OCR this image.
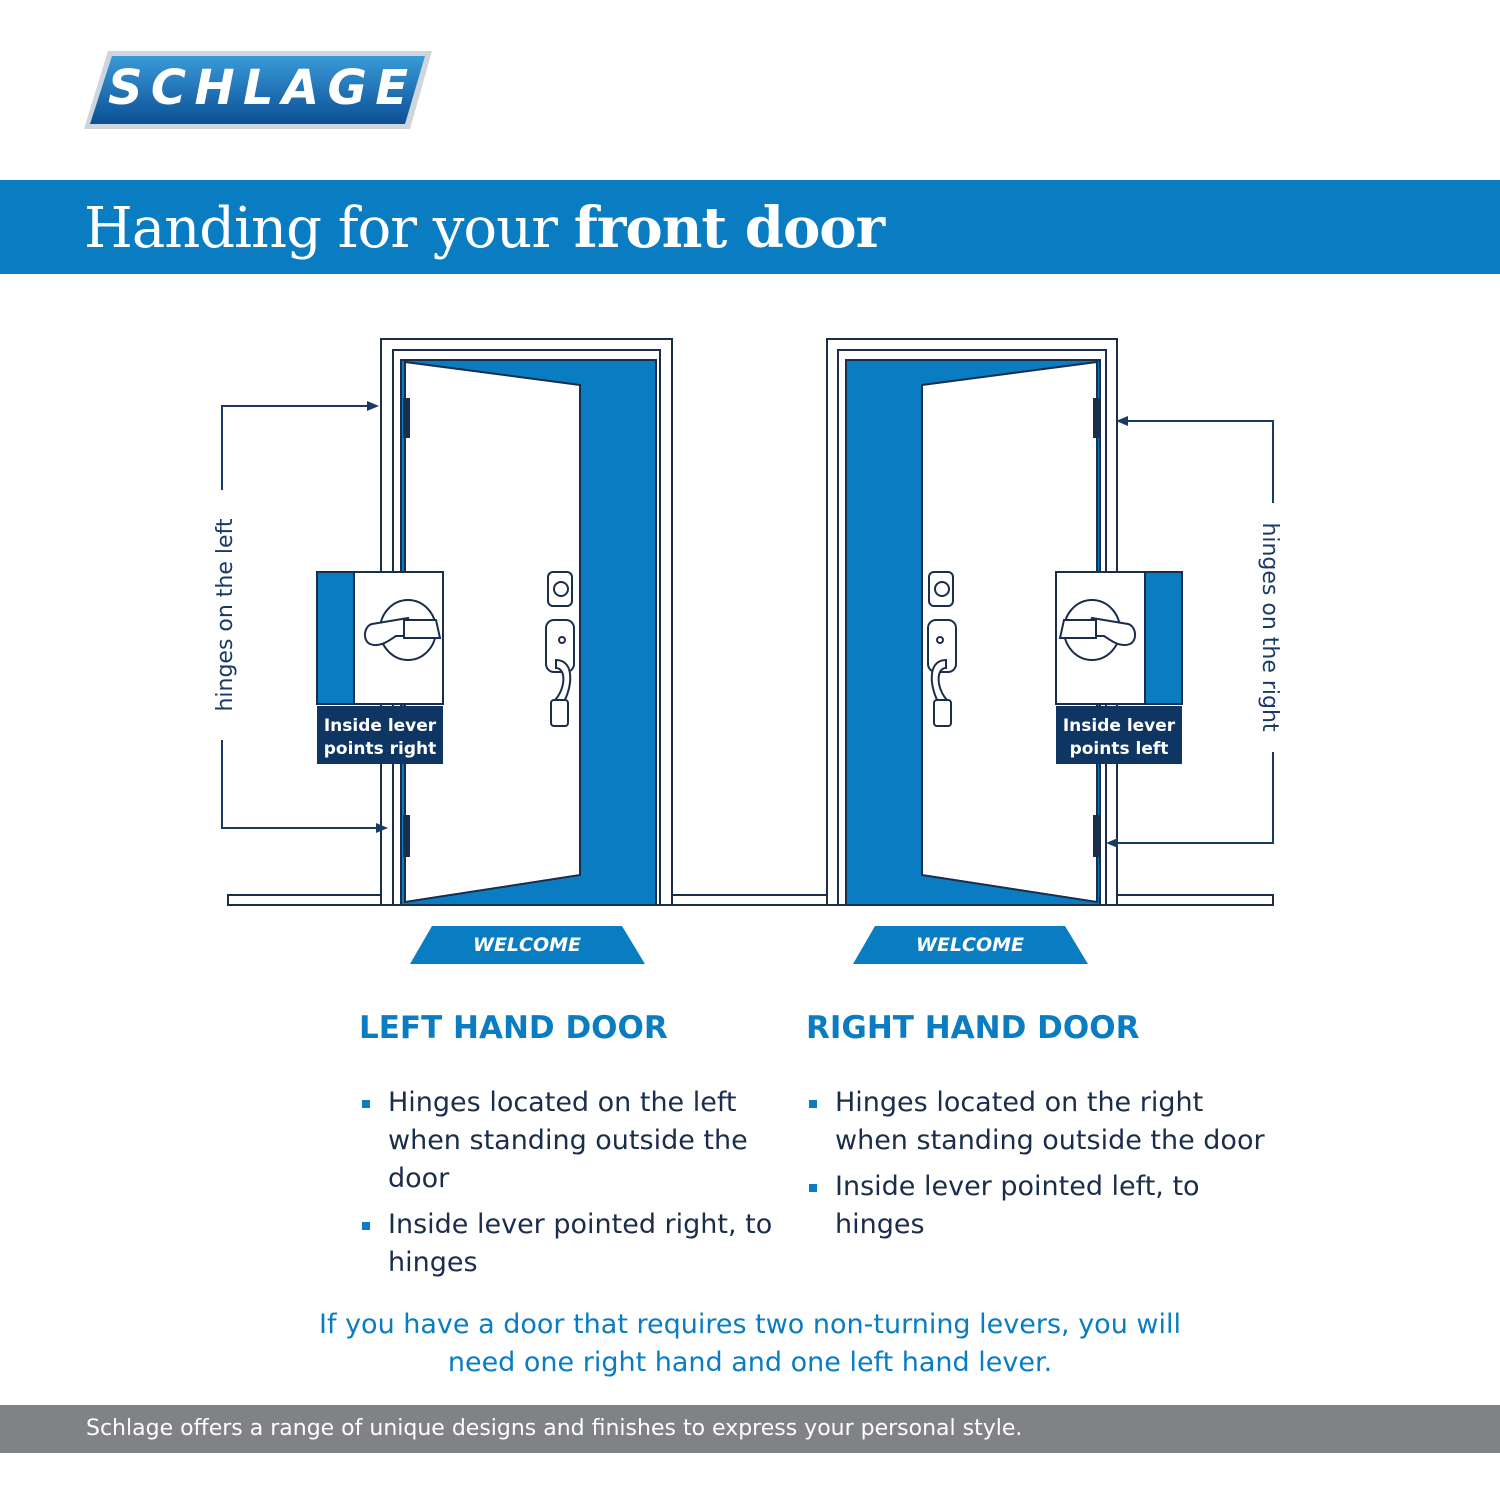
SCHLAGE
Handing for your front door
hinges on the left	hinges on the right
Inside lever
points right
Inside lever
points left
WELCOME	WELCOME
LEFT HAND DOOR
Hinges located on the left when standing outside the door
Inside lever pointed right, to hinges
RIGHT HAND DOOR
Hinges located on the right when standing outside the door
Inside lever pointed left, to hinges
If you have a door that requires two non-turning levers, you will need one right hand and one left hand lever.
Schlage offers a range of unique designs and finishes to express your personal style.
